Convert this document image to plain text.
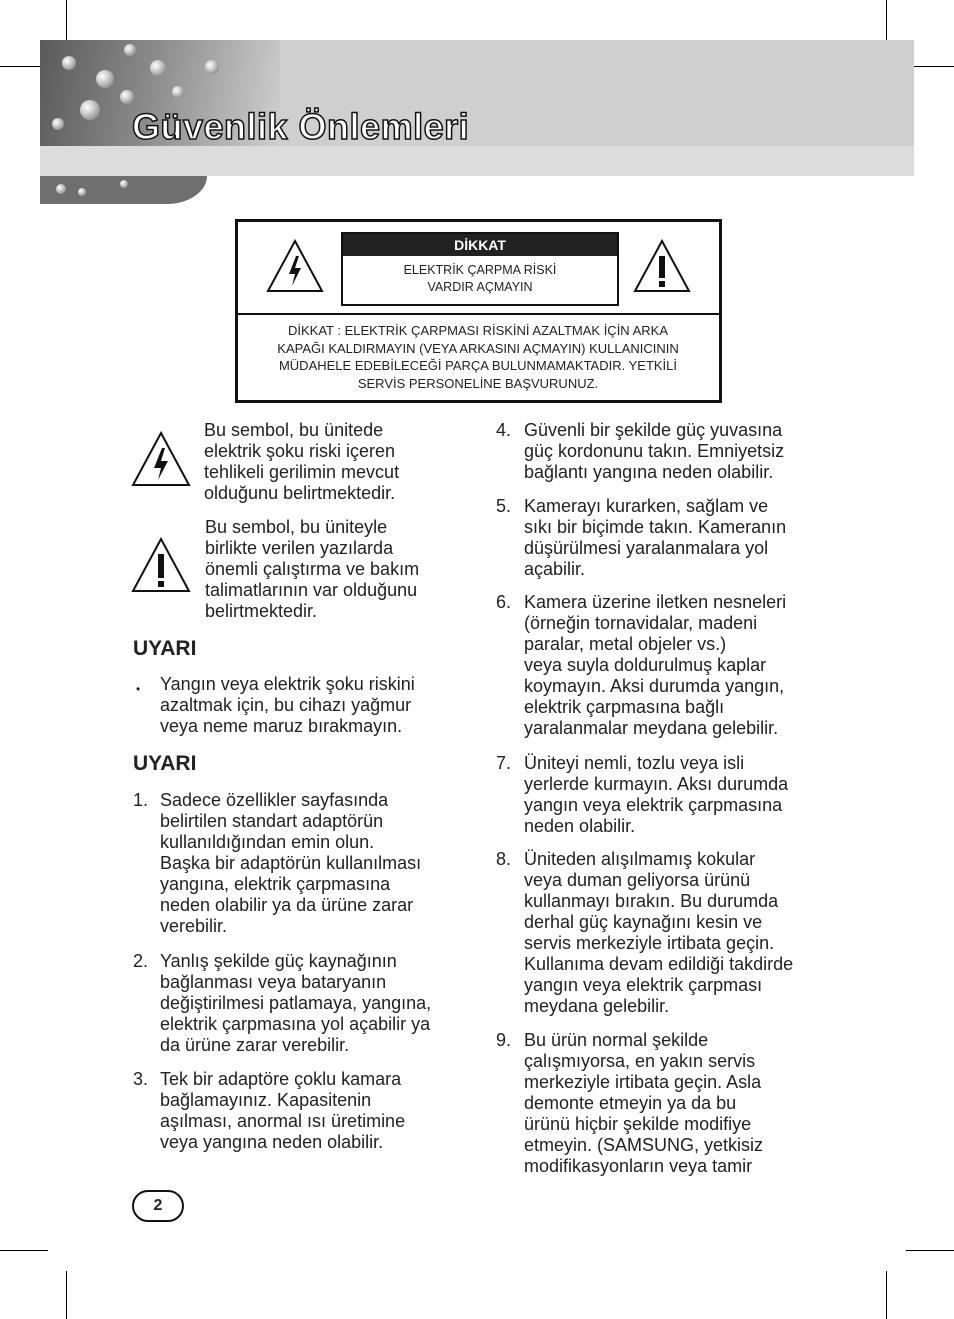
Güvenlik Önlemleri
DİKKAT
ELEKTRİK ÇARPMA RİSKİ
VARDIR AÇMAYIN
DİKKAT : ELEKTRİK ÇARPMASI RİSKİNİ AZALTMAK İÇİN ARKA
KAPAĞI KALDIRMAYIN (VEYA ARKASINI AÇMAYIN) KULLANICININ
MÜDAHELE EDEBİLECEĞİ PARÇA BULUNMAMAKTADIR. YETKİLİ
SERVİS PERSONELİNE BAŞVURUNUZ.
Bu sembol, bu ünitede
elektrik şoku riski içeren
tehlikeli gerilimin mevcut
olduğunu belirtmektedir.
Bu sembol, bu üniteyle
birlikte verilen yazılarda
önemli çalıştırma ve bakım
talimatlarının var olduğunu
belirtmektedir.
UYARI
• Yangın veya elektrik şoku riskini
azaltmak için, bu cihazı yağmur
veya neme maruz bırakmayın.
UYARI
2
1. Sadece özellikler sayfasında
belirtilen standart adaptörün
kullanıldığından emin olun.
Başka bir adaptörün kullanılması
yangına, elektrik çarpmasına
neden olabilir ya da ürüne zarar
verebilir.
2. Yanlış şekilde güç kaynağının
bağlanması veya bataryanın
değiştirilmesi patlamaya, yangına,
elektrik çarpmasına yol açabilir ya
da ürüne zarar verebilir.
3. Tek bir adaptöre çoklu kamara
bağlamayınız. Kapasitenin
aşılması, anormal ısı üretimine
veya yangına neden olabilir.
4. Güvenli bir şekilde güç yuvasına
güç kordonunu takın. Emniyetsiz
bağlantı yangına neden olabilir.
5. Kamerayı kurarken, sağlam ve
sıkı bir biçimde takın. Kameranın
düşürülmesi yaralanmalara yol
açabilir.
6. Kamera üzerine iletken nesneleri
(örneğin tornavidalar, madeni
paralar, metal objeler vs.)
veya suyla doldurulmuş kaplar
koymayın. Aksi durumda yangın,
elektrik çarpmasına bağlı
yaralanmalar meydana gelebilir.
7. Üniteyi nemli, tozlu veya isli
yerlerde kurmayın. Aksı durumda
yangın veya elektrik çarpmasına
neden olabilir.
8. Üniteden alışılmamış kokular
veya duman geliyorsa ürünü
kullanmayı bırakın. Bu durumda
derhal güç kaynağını kesin ve
servis merkeziyle irtibata geçin.
Kullanıma devam edildiği takdirde
yangın veya elektrik çarpması
meydana gelebilir.
9. Bu ürün normal şekilde
çalışmıyorsa, en yakın servis
merkeziyle irtibata geçin. Asla
demonte etmeyin ya da bu
ürünü hiçbir şekilde modifiye
etmeyin. (SAMSUNG, yetkisiz
modifikasyonların veya tamir
